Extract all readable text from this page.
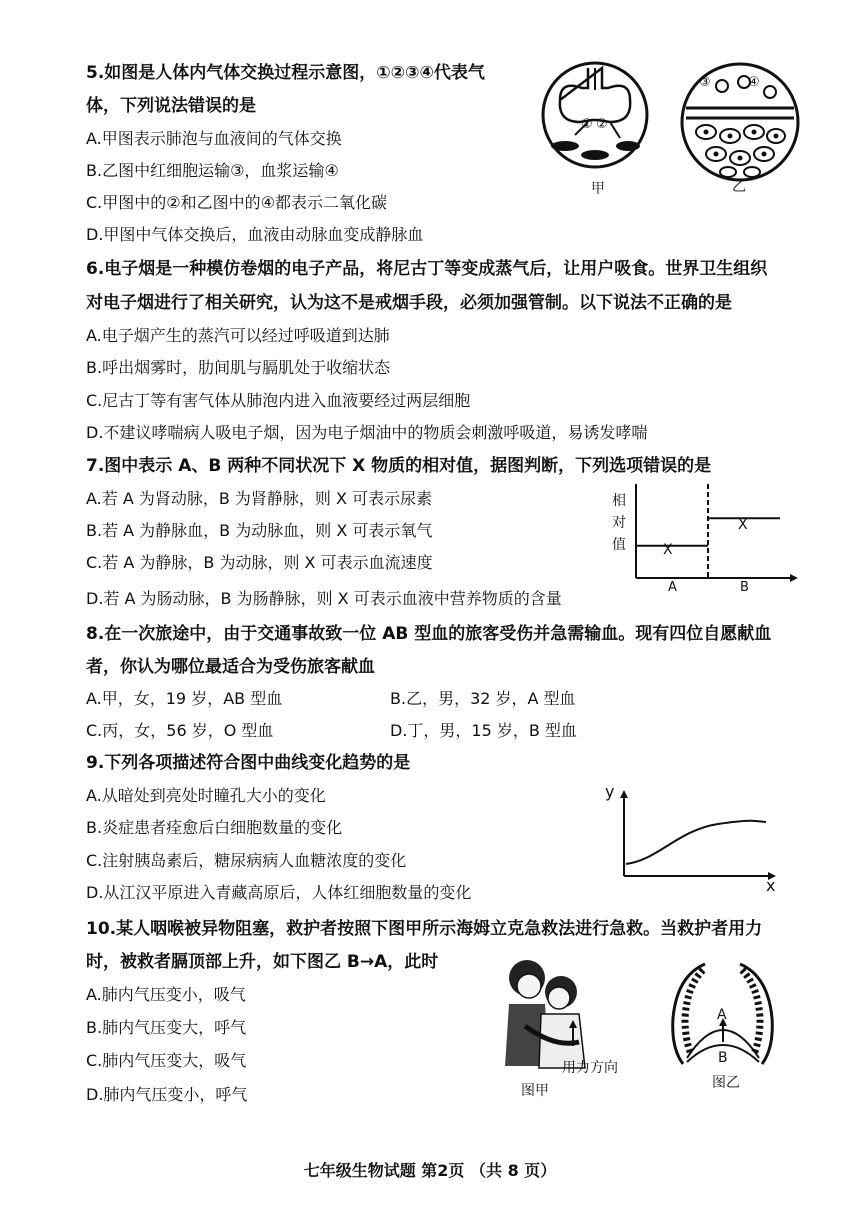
5.如图是人体内气体交换过程示意图，①②③④代表气
体，下列说法错误的是
A.甲图表示肺泡与血液间的气体交换
B.乙图中红细胞运输③，血浆运输④
C.甲图中的②和乙图中的④都表示二氧化碳
D.甲图中气体交换后，血液由动脉血变成静脉血
① ②
甲
③	④
乙
6.电子烟是一种模仿卷烟的电子产品，将尼古丁等变成蒸气后，让用户吸食。世界卫生组织
对电子烟进行了相关研究，认为这不是戒烟手段，必须加强管制。以下说法不正确的是
A.电子烟产生的蒸汽可以经过呼吸道到达肺
B.呼出烟雾时，肋间肌与膈肌处于收缩状态
C.尼古丁等有害气体从肺泡内进入血液要经过两层细胞
D.不建议哮喘病人吸电子烟，因为电子烟油中的物质会刺激呼吸道，易诱发哮喘
7.图中表示 A、B 两种不同状况下 X 物质的相对值，据图判断，下列选项错误的是
A.若 A 为肾动脉，B 为肾静脉，则 X 可表示尿素
B.若 A 为静脉血，B 为动脉血，则 X 可表示氧气
C.若 A 为静脉，B 为动脉，则 X 可表示血流速度
D.若 A 为肠动脉，B 为肠静脉，则 X 可表示血液中营养物质的含量
相
对
值	X
X
A	B
8.在一次旅途中，由于交通事故致一位 AB 型血的旅客受伤并急需输血。现有四位自愿献血
者，你认为哪位最适合为受伤旅客献血
A.甲，女，19 岁，AB 型血	B.乙，男，32 岁，A 型血
C.丙，女，56 岁，O 型血	D.丁，男，15 岁，B 型血
9.下列各项描述符合图中曲线变化趋势的是
A.从暗处到亮处时瞳孔大小的变化
B.炎症患者痊愈后白细胞数量的变化
C.注射胰岛素后，糖尿病病人血糖浓度的变化
D.从江汉平原进入青藏高原后，人体红细胞数量的变化
y
x
10.某人咽喉被异物阻塞，救护者按照下图甲所示海姆立克急救法进行急救。当救护者用力
时，被救者膈顶部上升，如下图乙 B→A，此时
A.肺内气压变小，吸气
B.肺内气压变大，呼气
C.肺内气压变大，吸气
D.肺内气压变小，呼气
用力方向
图甲
A
B
图乙
七年级生物试题 第2页 （共 8 页）
